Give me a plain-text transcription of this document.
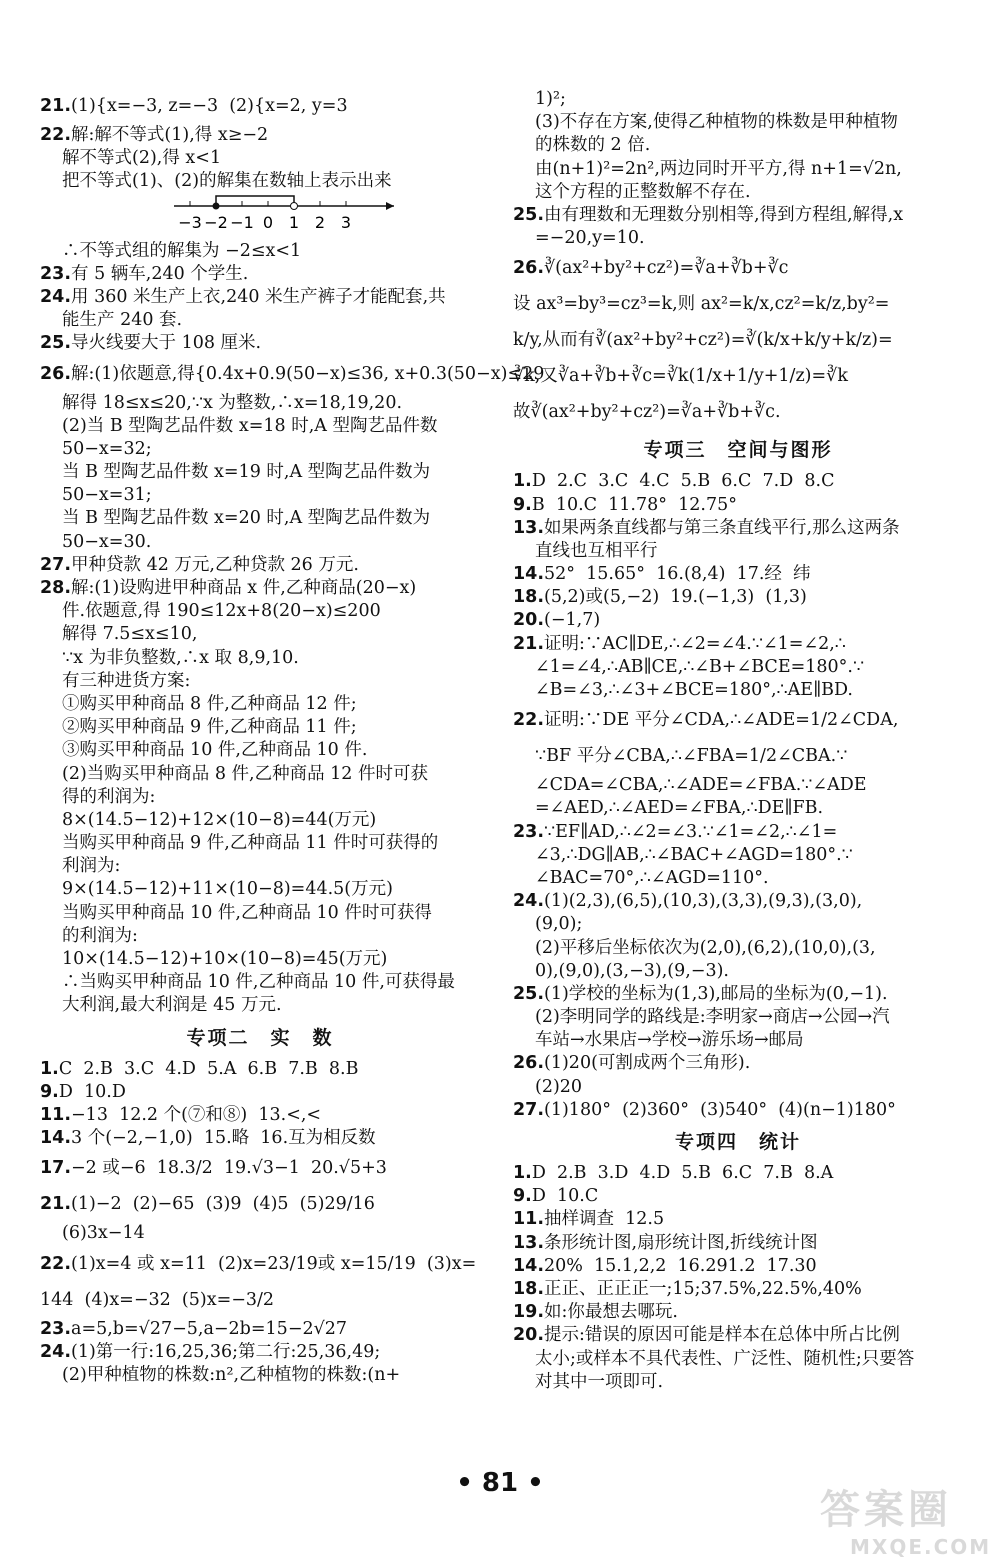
21.(1){x=−3, z=−3  (2){x=2, y=3
22.解:解不等式(1),得 x≥−2
解不等式(2),得 x<1
把不等式(1)、(2)的解集在数轴上表示出来
−3 −2 −1 0 1 2 3
∴不等式组的解集为 −2≤x<1
23.有 5 辆车,240 个学生.
24.用 360 米生产上衣,240 米生产裤子才能配套,共
能生产 240 套.
25.导火线要大于 108 厘米.
26.解:(1)依题意,得{0.4x+0.9(50−x)≤36, x+0.3(50−x)≤29
解得 18≤x≤20,∵x 为整数,∴x=18,19,20.
(2)当 B 型陶艺品件数 x=18 时,A 型陶艺品件数
50−x=32;
当 B 型陶艺品件数 x=19 时,A 型陶艺品件数为
50−x=31;
当 B 型陶艺品件数 x=20 时,A 型陶艺品件数为
50−x=30.
27.甲种贷款 42 万元,乙种贷款 26 万元.
28.解:(1)设购进甲种商品 x 件,乙种商品(20−x)
件.依题意,得 190≤12x+8(20−x)≤200
解得 7.5≤x≤10,
∵x 为非负整数,∴x 取 8,9,10.
有三种进货方案:
①购买甲种商品 8 件,乙种商品 12 件;
②购买甲种商品 9 件,乙种商品 11 件;
③购买甲种商品 10 件,乙种商品 10 件.
(2)当购买甲种商品 8 件,乙种商品 12 件时可获
得的利润为:
8×(14.5−12)+12×(10−8)=44(万元)
当购买甲种商品 9 件,乙种商品 11 件时可获得的
利润为:
9×(14.5−12)+11×(10−8)=44.5(万元)
当购买甲种商品 10 件,乙种商品 10 件时可获得
的利润为:
10×(14.5−12)+10×(10−8)=45(万元)
∴当购买甲种商品 10 件,乙种商品 10 件,可获得最
大利润,最大利润是 45 万元.
专项二　实　数
1.C  2.B  3.C  4.D  5.A  6.B  7.B  8.B
9.D  10.D
11.−13  12.2 个(⑦和⑧)  13.<,<
14.3 个(−2,−1,0)  15.略  16.互为相反数
17.−2 或−6  18.3/2  19.√3−1  20.√5+3
21.(1)−2  (2)−65  (3)9  (4)5  (5)29/16
(6)3x−14
22.(1)x=4 或 x=11  (2)x=23/19或 x=15/19  (3)x=
144  (4)x=−32  (5)x=−3/2
23.a=5,b=√27−5,a−2b=15−2√27
24.(1)第一行:16,25,36;第二行:25,36,49;
(2)甲种植物的株数:n²,乙种植物的株数:(n+
1)²;
(3)不存在方案,使得乙种植物的株数是甲种植物
的株数的 2 倍.
由(n+1)²=2n²,两边同时开平方,得 n+1=√2n,
这个方程的正整数解不存在.
25.由有理数和无理数分别相等,得到方程组,解得,x
=−20,y=10.
26.∛(ax²+by²+cz²)=∛a+∛b+∛c
设 ax³=by³=cz³=k,则 ax²=k/x,cz²=k/z,by²=
k/y,从而有∛(ax²+by²+cz²)=∛(k/x+k/y+k/z)=
∛k,又∛a+∛b+∛c=∛k(1/x+1/y+1/z)=∛k
故∛(ax²+by²+cz²)=∛a+∛b+∛c.
专项三　空间与图形
1.D  2.C  3.C  4.C  5.B  6.C  7.D  8.C
9.B  10.C  11.78°  12.75°
13.如果两条直线都与第三条直线平行,那么这两条
直线也互相平行
14.52°  15.65°  16.(8,4)  17.经  纬
18.(5,2)或(5,−2)  19.(−1,3)  (1,3)
20.(−1,7)
21.证明:∵AC∥DE,∴∠2=∠4.∵∠1=∠2,∴
∠1=∠4,∴AB∥CE,∴∠B+∠BCE=180°.∵
∠B=∠3,∴∠3+∠BCE=180°,∴AE∥BD.
22.证明:∵DE 平分∠CDA,∴∠ADE=1/2∠CDA,
∵BF 平分∠CBA,∴∠FBA=1/2∠CBA.∵
∠CDA=∠CBA,∴∠ADE=∠FBA.∵∠ADE
=∠AED,∴∠AED=∠FBA,∴DE∥FB.
23.∵EF∥AD,∴∠2=∠3.∵∠1=∠2,∴∠1=
∠3,∴DG∥AB,∴∠BAC+∠AGD=180°.∵
∠BAC=70°,∴∠AGD=110°.
24.(1)(2,3),(6,5),(10,3),(3,3),(9,3),(3,0),
(9,0);
(2)平移后坐标依次为(2,0),(6,2),(10,0),(3,
0),(9,0),(3,−3),(9,−3).
25.(1)学校的坐标为(1,3),邮局的坐标为(0,−1).
(2)李明同学的路线是:李明家→商店→公园→汽
车站→水果店→学校→游乐场→邮局
26.(1)20(可割成两个三角形).
(2)20
27.(1)180°  (2)360°  (3)540°  (4)(n−1)180°
专项四　统计
1.D  2.B  3.D  4.D  5.B  6.C  7.B  8.A
9.D  10.C
11.抽样调查  12.5
13.条形统计图,扇形统计图,折线统计图
14.20%  15.1,2,2  16.291.2  17.30
18.正正、正正正一;15;37.5%,22.5%,40%
19.如:你最想去哪玩.
20.提示:错误的原因可能是样本在总体中所占比例
太小;或样本不具代表性、广泛性、随机性;只要答
对其中一项即可.
• 81 •
答案圈
MXQE.COM
